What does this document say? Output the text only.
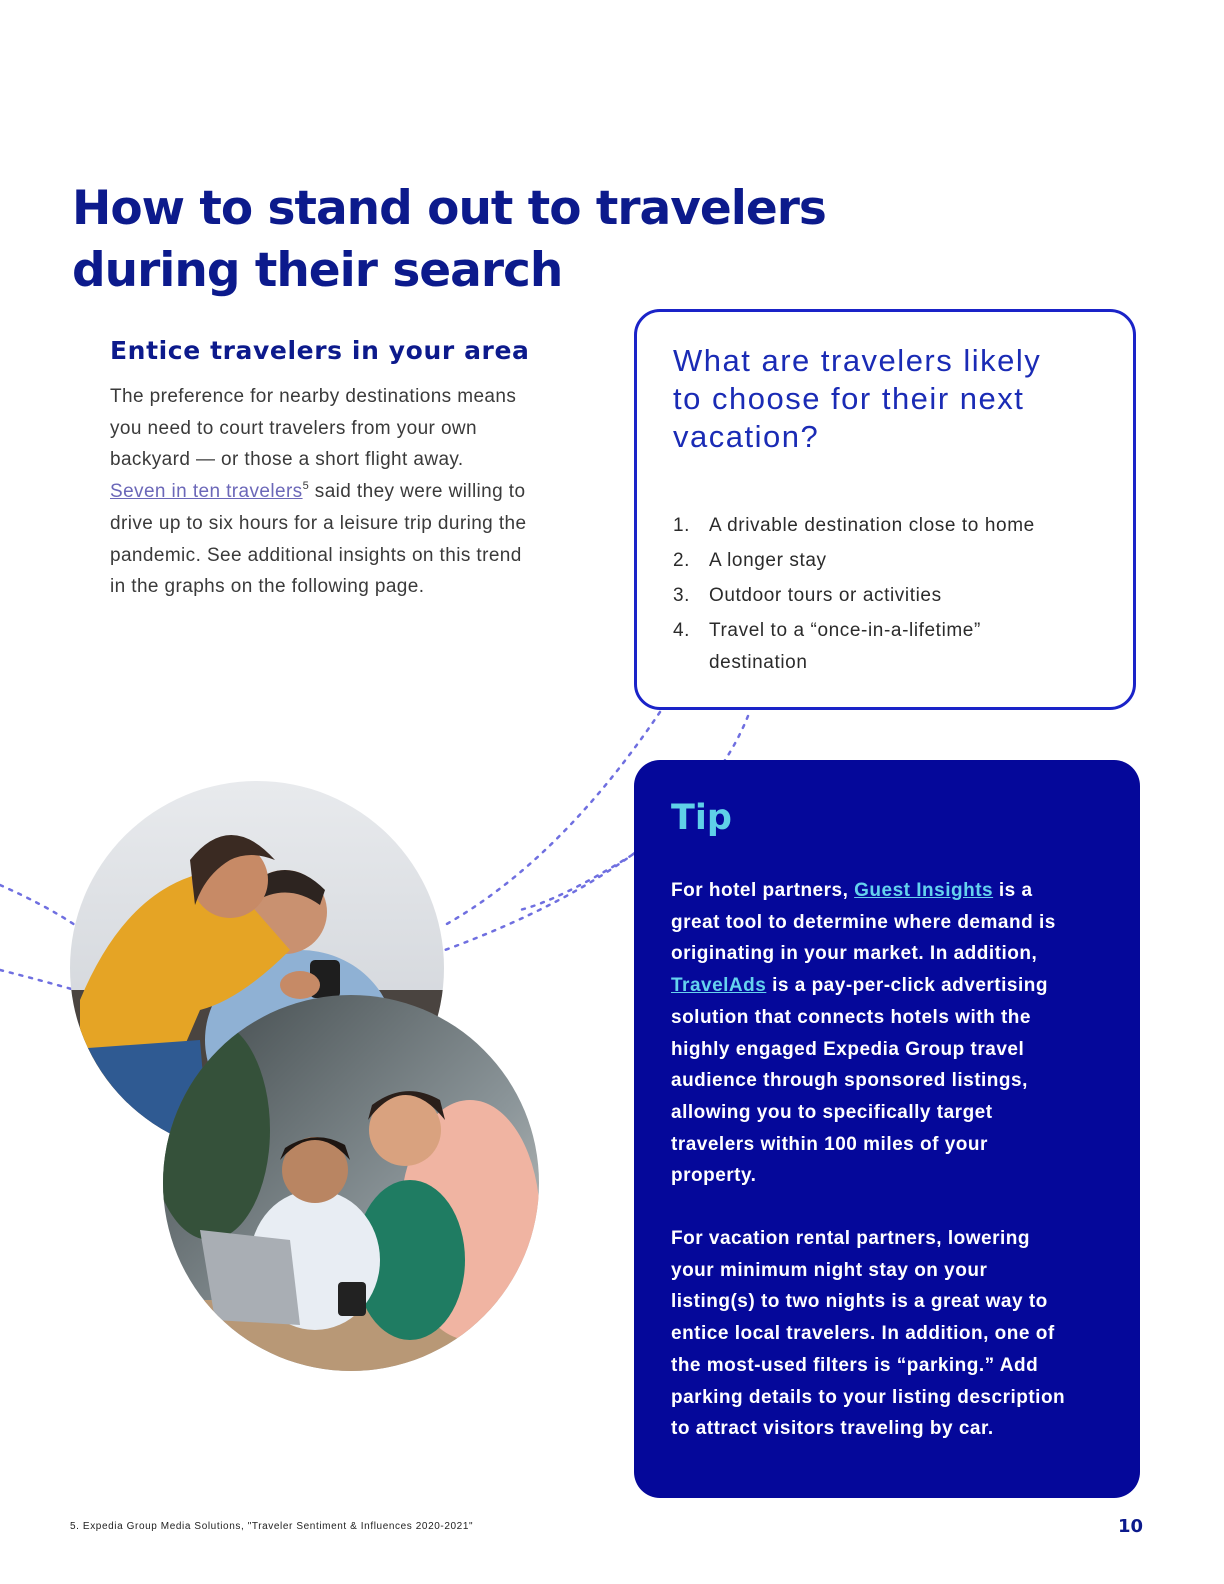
How to stand out to travelers
during their search
Entice travelers in your area

The preference for nearby destinations means
you need to court travelers from your own
backyard — or those a short flight away.
Seven in ten travelers$^5$ said they were willing to
drive up to six hours for a leisure trip during the
pandemic. See additional insights on this trend
in the graphs on the following page.

What are travelers likely
to choose for their next
vacation?
1. A drivable destination close to home
2. A longer stay
3. Outdoor tours or activities
4. Travel to a “once-in-a-lifetime”
destination
Tip

For hotel partners, Guest Insights is a
great tool to determine where demand is
originating in your market. In addition,
TravelAds is a pay-per-click advertising
solution that connects hotels with the
highly engaged Expedia Group travel
audience through sponsored listings,
allowing you to specifically target
travelers within 100 miles of your
property.
For vacation rental partners, lowering
your minimum night stay on your
listing(s) to two nights is a great way to
entice local travelers. In addition, one of
the most-used filters is “parking.” Add
parking details to your listing description
to attract visitors traveling by car.

5. Expedia Group Media Solutions, "Traveler Sentiment & Influences 2020-2021"	10
